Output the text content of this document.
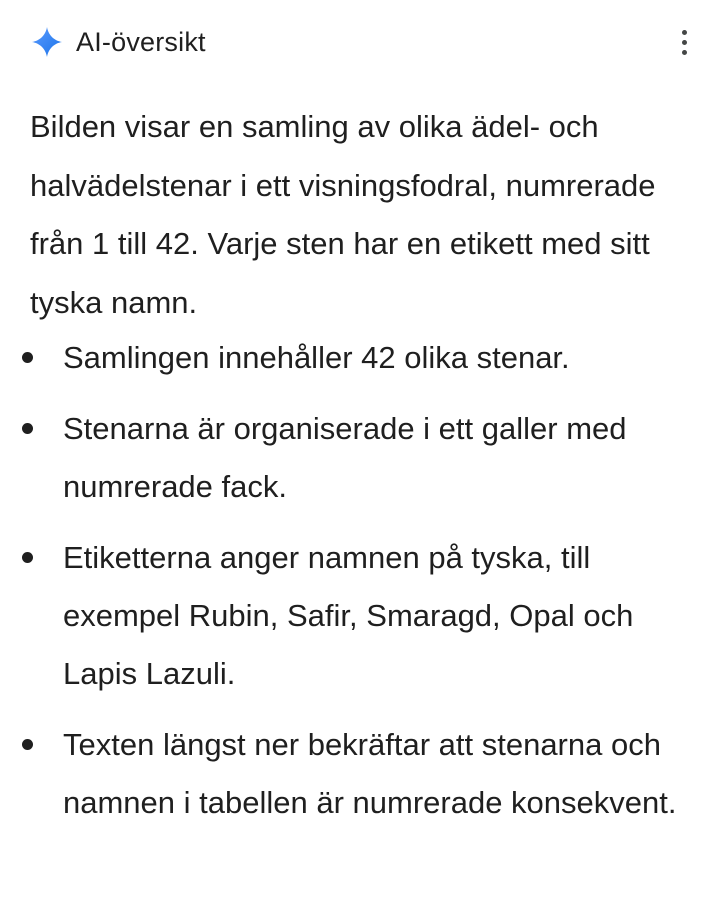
AI-översikt

Bilden visar en samling av olika ädel- och halvädelstenar i ett visningsfodral, numrerade från 1 till 42. Varje sten har en etikett med sitt tyska namn.

Samlingen innehåller 42 olika stenar.
Stenarna är organiserade i ett galler med numrerade fack.
Etiketterna anger namnen på tyska, till exempel Rubin, Safir, Smaragd, Opal och Lapis Lazuli.
Texten längst ner bekräftar att stenarna och namnen i tabellen är numrerade konsekvent.
